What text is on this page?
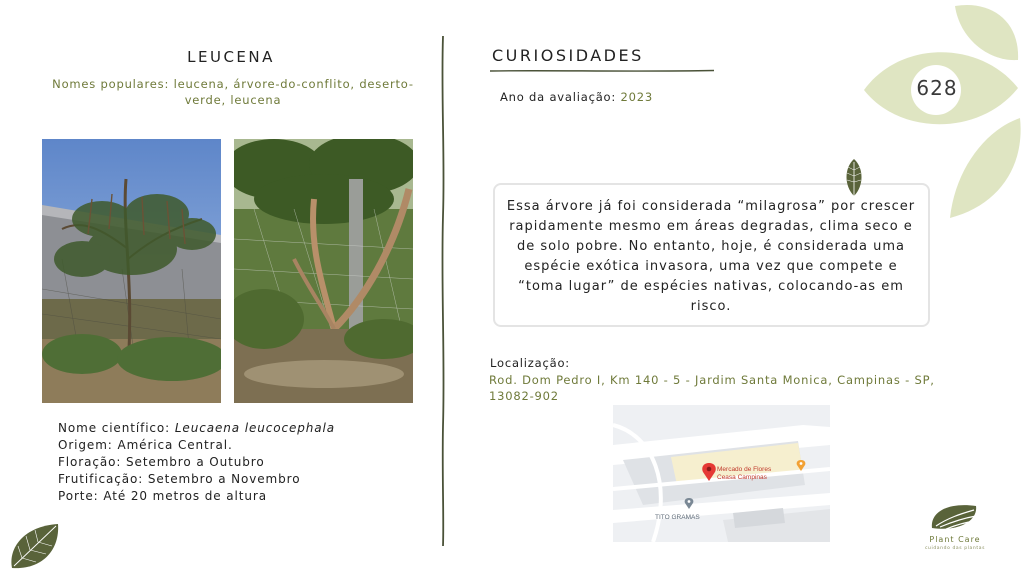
LEUCENA
Nomes populares: leucena, árvore-do-conflito, deserto-verde, leucena
Nome científico: Leucaena leucocephala
Origem: América Central.
Floração: Setembro a Outubro
Frutificação: Setembro a Novembro
Porte: Até 20 metros de altura
CURIOSIDADES
Ano da avaliação: 2023
Essa árvore já foi considerada “milagrosa” por crescer rapidamente mesmo em áreas degradas, clima seco e de solo pobre. No entanto, hoje, é considerada uma espécie exótica invasora, uma vez que compete e “toma lugar” de espécies nativas, colocando-as em risco.
Localização:
Rod. Dom Pedro I, Km 140 - 5 - Jardim Santa Monica, Campinas - SP, 13082-902
Mercado de Flores
Ceasa Campinas
TITO GRAMAS
628
Plant Care
cuidando das plantas
